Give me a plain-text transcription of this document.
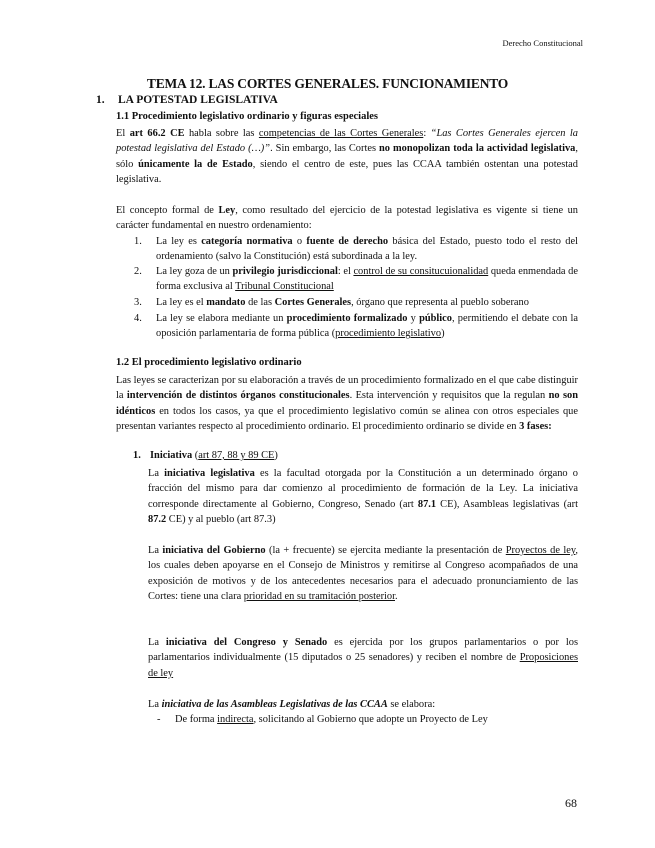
Derecho Constitucional
TEMA 12. LAS CORTES GENERALES. FUNCIONAMIENTO
1. LA POTESTAD LEGISLATIVA
1.1 Procedimiento legislativo ordinario y figuras especiales
El art 66.2 CE habla sobre las competencias de las Cortes Generales: “Las Cortes Generales ejercen la potestad legislativa del Estado (…)”. Sin embargo, las Cortes no monopolizan toda la actividad legislativa, sólo únicamente la de Estado, siendo el centro de este, pues las CCAA también ostentan una potestad legislativa.
El concepto formal de Ley, como resultado del ejercicio de la potestad legislativa es vigente si tiene un carácter fundamental en nuestro ordenamiento:
1. La ley es categoría normativa o fuente de derecho básica del Estado, puesto todo el resto del ordenamiento (salvo la Constitución) está subordinada a la ley.
2. La ley goza de un privilegio jurisdiccional: el control de su consitucuionalidad queda enmendada de forma exclusiva al Tribunal Constitucional
3. La ley es el mandato de las Cortes Generales, órgano que representa al pueblo soberano
4. La ley se elabora mediante un procedimiento formalizado y público, permitiendo el debate con la oposición parlamentaria de forma pública (procedimiento legislativo)
1.2 El procedimiento legislativo ordinario
Las leyes se caracterizan por su elaboración a través de un procedimiento formalizado en el que cabe distinguir la intervención de distintos órganos constitucionales. Esta intervención y requisitos que la regulan no son idénticos en todos los casos, ya que el procedimiento legislativo común se alinea con otros especiales que presentan variantes respecto al procedimiento ordinario. El procedimiento ordinario se divide en 3 fases:
1. Iniciativa (art 87, 88 y 89 CE)
La iniciativa legislativa es la facultad otorgada por la Constitución a un determinado órgano o fracción del mismo para dar comienzo al procedimiento de formación de la Ley. La iniciativa corresponde directamente al Gobierno, Congreso, Senado (art 87.1 CE), Asambleas legislativas (art 87.2 CE) y al pueblo (art 87.3)
La iniciativa del Gobierno (la + frecuente) se ejercita mediante la presentación de Proyectos de ley, los cuales deben apoyarse en el Consejo de Ministros y remitirse al Congreso acompañados de una exposición de motivos y de los antecedentes necesarios para el adecuado pronunciamiento de las Cortes: tiene una clara prioridad en su tramitación posterior.
La iniciativa del Congreso y Senado es ejercida por los grupos parlamentarios o por los parlamentarios individualmente (15 diputados o 25 senadores) y reciben el nombre de Proposiciones de ley
La iniciativa de las Asambleas Legislativas de las CCAA se elabora:
- De forma indirecta, solicitando al Gobierno que adopte un Proyecto de Ley
68
